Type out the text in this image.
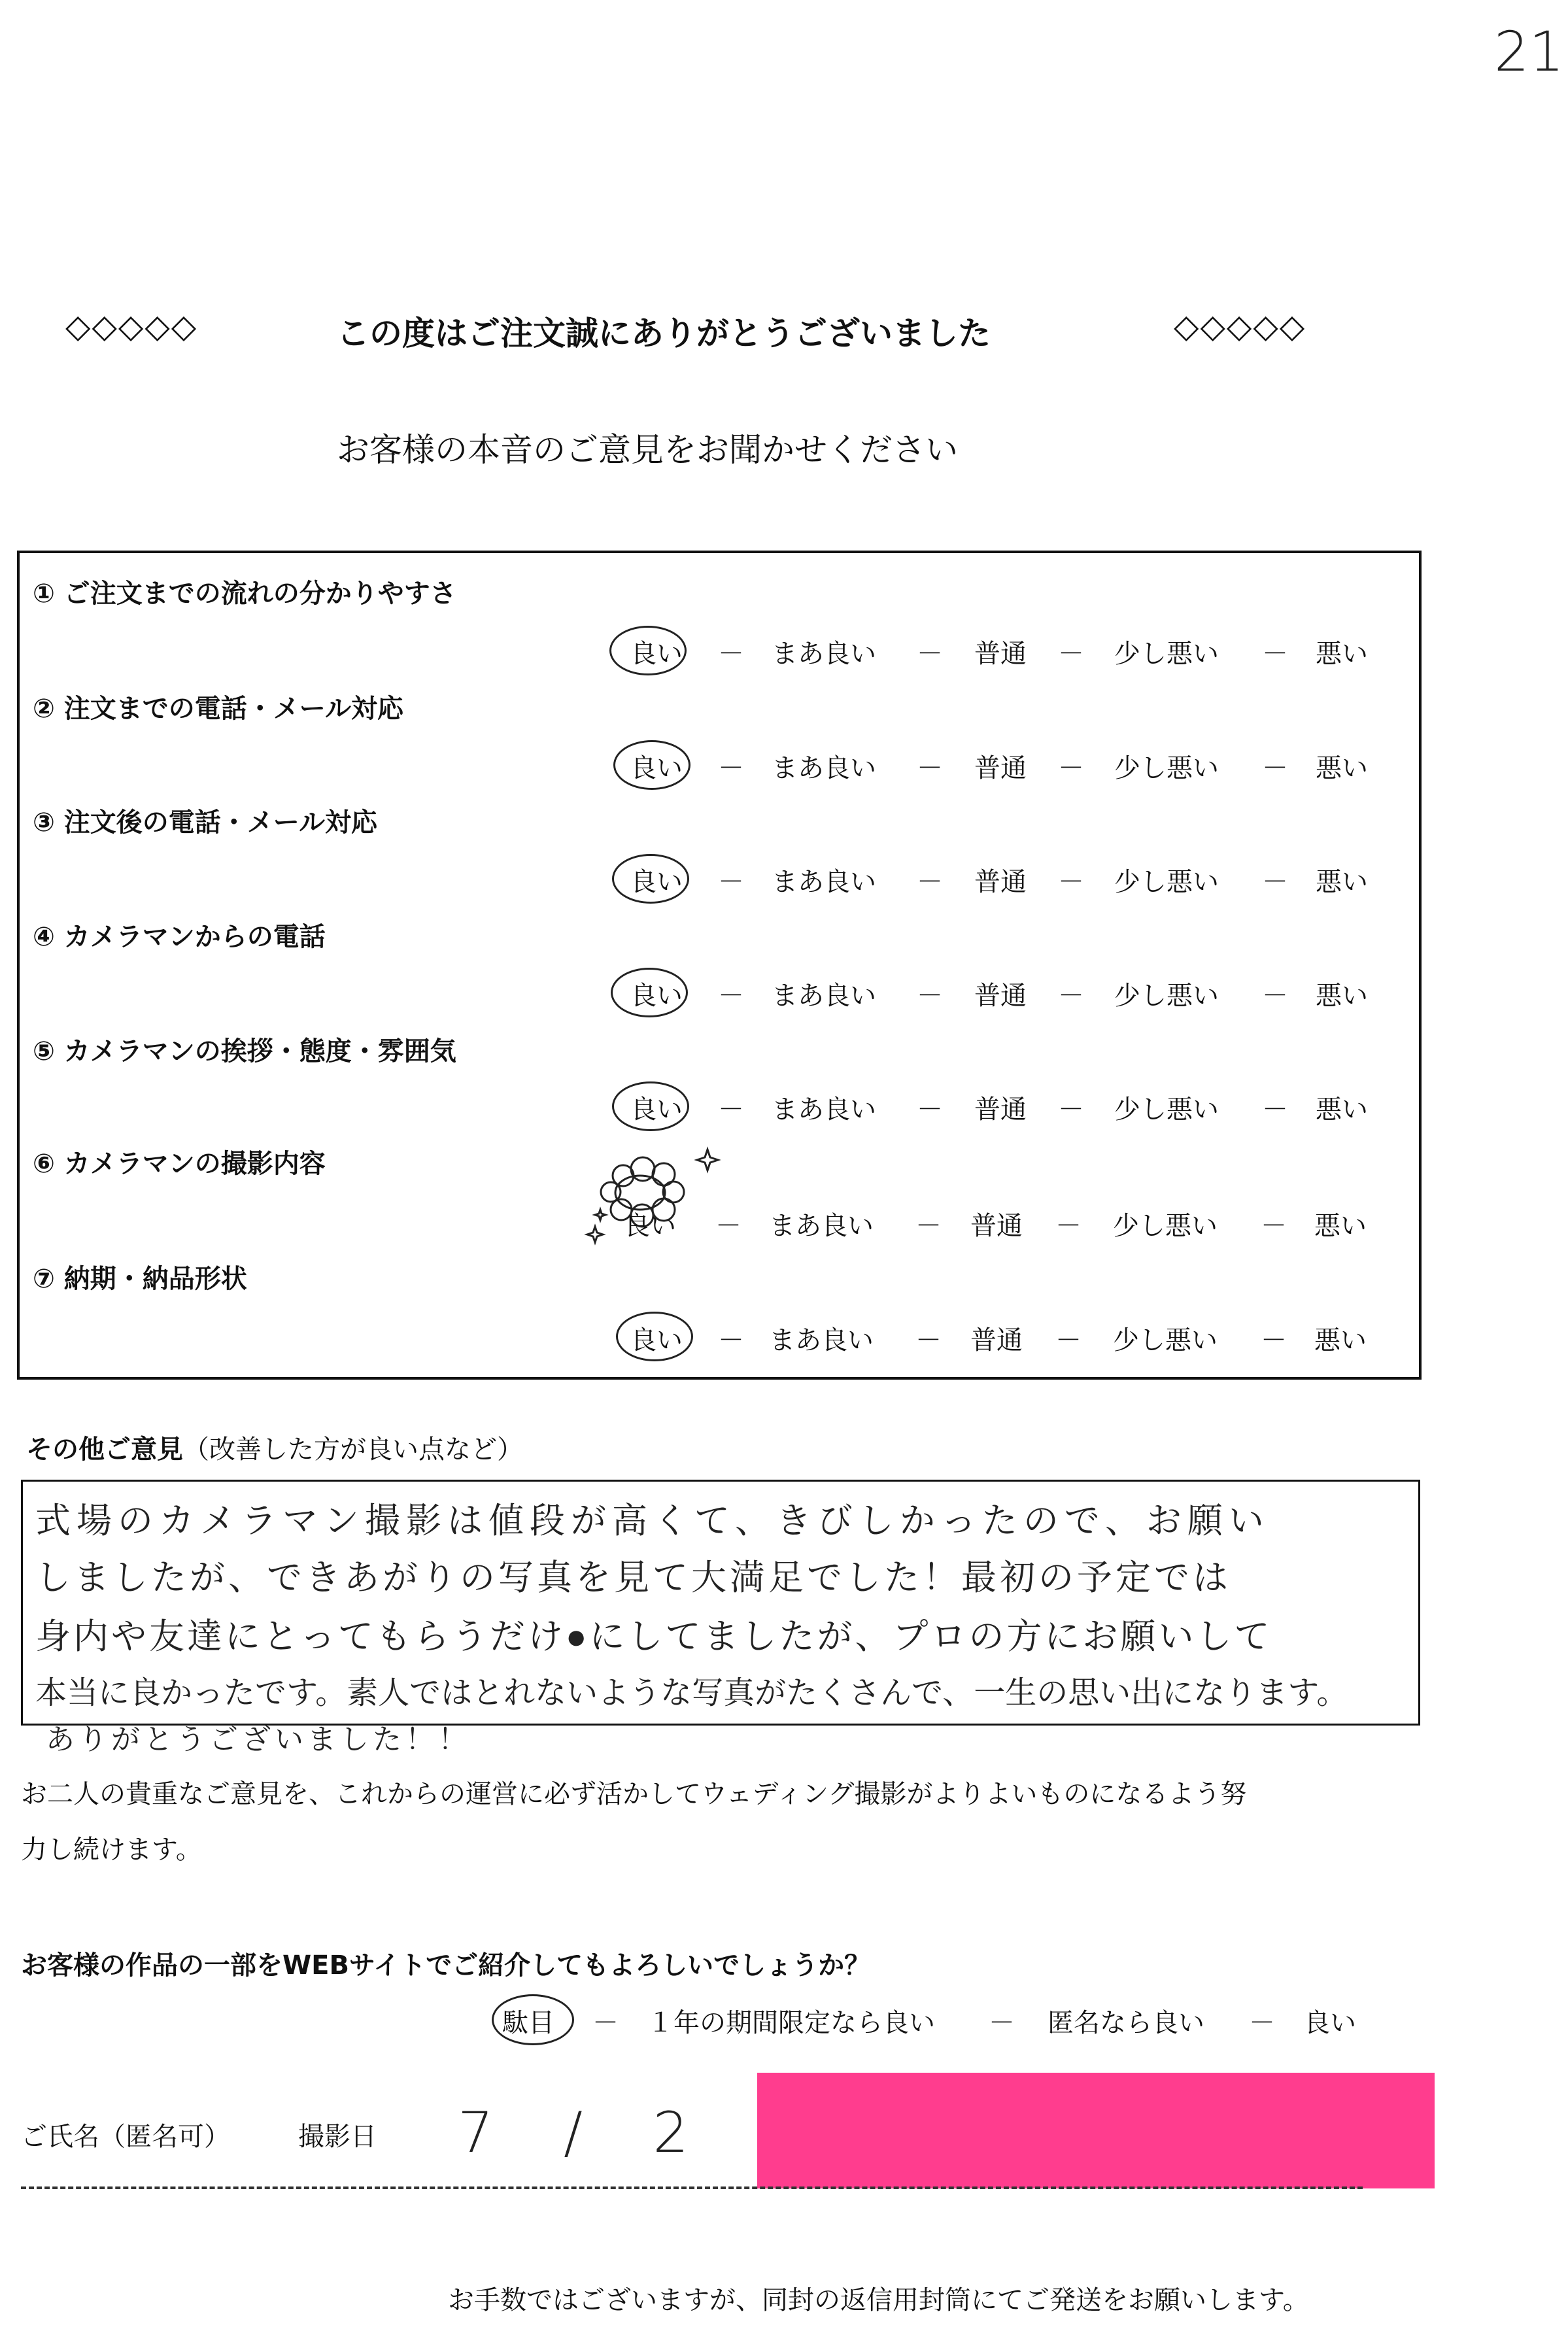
21
◇◇◇◇◇	この度はご注文誠にありがとうございました	◇◇◇◇◇
お客様の本音のご意見をお聞かせください
① ご注文までの流れの分かりやすさ
良い － まあ良い － 普通 － 少し悪い － 悪い
② 注文までの電話・メール対応
良い － まあ良い － 普通 － 少し悪い － 悪い
③ 注文後の電話・メール対応
良い － まあ良い － 普通 － 少し悪い － 悪い
④ カメラマンからの電話
良い － まあ良い － 普通 － 少し悪い － 悪い
⑤ カメラマンの挨拶・態度・雰囲気
良い － まあ良い － 普通 － 少し悪い － 悪い
⑥ カメラマンの撮影内容
良い － まあ良い － 普通 － 少し悪い － 悪い
⑦ 納期・納品形状
良い － まあ良い － 普通 － 少し悪い － 悪い
その他ご意見（改善した方が良い点など）
式場のカメラマン撮影は値段が高くて、きびしかったので、お願い
しましたが、できあがりの写真を見て大満足でした！最初の予定では
身内や友達にとってもらうだけ●にしてましたが、プロの方にお願いして
本当に良かったです。素人ではとれないような写真がたくさんで、一生の思い出になります。
ありがとうございました！！
お二人の貴重なご意見を、これからの運営に必ず活かしてウェディング撮影がよりよいものになるよう努
力し続けます。
お客様の作品の一部をWEBサイトでご紹介してもよろしいでしょうか？
駄目 － １年の期間限定なら良い － 匿名なら良い － 良い
ご氏名（匿名可）	撮影日 7 / 2
お手数ではございますが、同封の返信用封筒にてご発送をお願いします。
